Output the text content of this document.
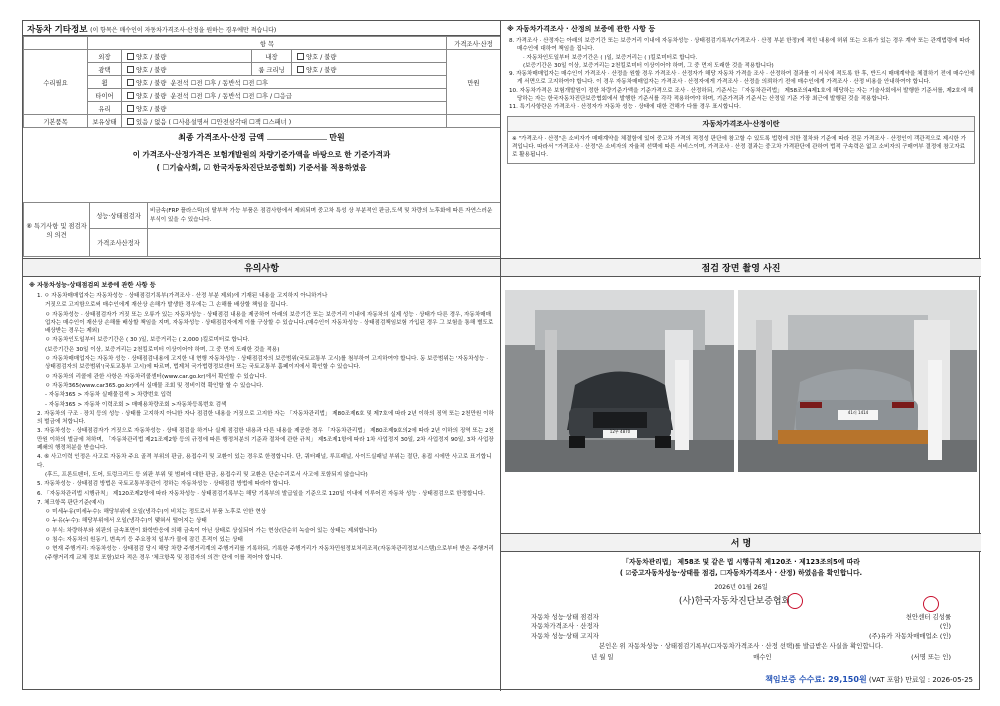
자동차 기타정보 (이 항목은 매수인이 자동차가격조사·산정을 원하는 경우에만 적습니다)
	항 목				가격조사·산정
수리필요	외장	양호 / 불량	내장	양호 / 불량	만원
	광택	양호 / 불량	룸 크리닝	양호 / 불량	
	휠	양호 / 불량 운전석 ☐전 ☐후 / 동반석 ☐전 ☐후			
	타이어	양호 / 불량 운전석 ☐전 ☐후 / 동반석 ☐전 ☐후 / ☐응급			
	유리	양호 / 불량			
기본품목	보유상태	있음 / 없음 ( ☐사용설명서 ☐안전삼각대 ☐잭 ☐스패너 )			
최종 가격조사·산정 금액	만원
이 가격조사·산정가격은 보험개발원의 차량기준가액을 바탕으로 한 기준가격과
( ☐기술사회, ☑ 한국자동차진단보증협회) 기준서를 적용하였음
⑧ 특기사항 및 점검자의 의견	성능·상태점검자	비금속(FRP 플라스틱)의 탈부착 가능 부품은 점검사항에서 제외되며 중고차 특성 상 부분적인 판금,도색 및 차량의 노후화에 따른 자연스러운 부식이 있을 수 있습니다.
	가격조사산정자	
※ 자동차가격조사 · 산정의 보증에 관한 사항 등
8. 가격조사 · 산정자는 아래의 보증기간 또는 보증거리 이내에 자동차성능 · 상태점검기록부(가격조사 · 산정 부분 한정)에 적힌 내용에 허위 또는 오류가 있는 경우 계약 또는 관계법령에 따라 매수인에 대하여 책임을 집니다.
· 자동차인도일부터 보증기간은 ( )일, 보증거리는 ( )킬로미터로 합니다.
(보증기간은 30일 이상, 보증거리는 2천킬로미터 이상이어야 하며, 그 중 먼저 도래한 것을 적용합니다)
9. 자동차매매업자는 매수인이 가격조사 · 산정을 원할 경우 가격조사 · 산정자가 해당 자동차 가격을 조사 · 산정하여 결과를 이 서식에 적도록 한 후, 반드시 매매계약을 체결하기 전에 매수인에게 서면으로 고지하여야 합니다. 이 경우 자동차매매업자는 가격조사 · 산정자에게 가격조사 · 산정을 의뢰하기 전에 매수인에게 가격조사 · 산정 비용을 안내하여야 합니다.
10. 자동차가격은 보험개발원이 정한 차량기준가액을 기준가격으로 조사 · 산정하되, 기준서는 「자동차관리법」 제58조의4제1호에 해당하는 자는 기술사회에서 발행한 기준서를, 제2호에 해당하는 자는 한국자동차진단보증협회에서 발행한 기준서를 각각 적용하여야 하며, 기준가격과 기준서는 산정일 기준 가장 최근에 발행된 것을 적용합니다.
11. 특기사항란은 가격조사 · 산정자가 자동차 성능 · 상태에 대한 견해가 다를 경우 표시합니다.
자동차가격조사·산정이란
※ "가격조사 · 산정"은 소비자가 매매계약을 체결함에 있어 중고차 가격의 적정성 판단에 참고할 수 있도록 법령에 의한 절차와 기준에 따라 전문 가격조사 · 산정인이 객관적으로 제시한 가격입니다. 따라서 "가격조사 · 산정"은 소비자의 자율적 선택에 따른 서비스이며, 가격조사 · 산정 결과는 중고차 가격판단에 관하여 법적 구속력은 없고 소비자의 구매여부 결정에 참고자료로 활용됩니다.
유의사항
※ 자동차성능·상태점검의 보증에 관한 사항 등
1. ㅇ 자동차매매업자는 자동차성능 · 상태점검기록부(가격조사 · 산정 부분 제외)에 기재된 내용을 고지하지 아니하거나
거짓으로 고지함으로써 매수인에게 재산상 손해가 발생한 경우에는 그 손해를 배상할 책임을 집니다.
ㅇ 자동차성능 · 상태점검자가 거짓 또는 오류가 있는 자동차성능 · 상태점검 내용을 제공하여 아래의 보증기간 또는 보증거리 이내에 자동차의 실제 성능 · 상태가 다른 경우, 자동차매매업자는 매수인이 재산상 손해를 배상할 책임을 지며, 자동차성능 · 상태점검자에게 이를 구상할 수 있습니다.(매수인이 자동차성능 · 상태점검책임보험 가입된 경우 그 보험을 통해 별도로 배상받는 경우는 제외)
ㅇ 자동차인도일부터 보증기간은 ( 30 )일, 보증거리는 ( 2,000 )킬로미터로 합니다.
(보증기간은 30일 이상, 보증거리는 2천킬로미터 이상이어야 하며, 그 중 먼저 도래한 것을 적용)
ㅇ 자동차매매업자는 자동차 성능 · 상태점검내용에 고지한 내 현행 자동차성능 · 상태점검자의 보증범위(국토교통부 고시)를 첨부하여 고지하여야 합니다. 동 보증범위는 '자동차성능 · 상태점검자의 보증범위'(국토교통부 고시)에 따르며, 법제처 국가법령정보센터 또는 국토교통부 홈페이지에서 확인할 수 있습니다.
ㅇ 자동차의 리콜에 관한 사항은 자동차리콜센터(www.car.go.kr)에서 확인할 수 있습니다.
ㅇ 자동차365(www.car365.go.kr)에서 실매물 조회 및 정비이력 확인할 할 수 있습니다.
- 자동차365 > 자동차 실매물검색 > 차량번호 입력
- 자동차365 > 자동차 이력조회 > 매매용차량조회 >자동차등록번호 검색
2. 자동차의 구조 · 장치 등의 성능 · 상태를 고지하지 아니한 자나 점검한 내용을 거짓으로 고지한 자는 「자동차관리법」 제80조제6호 및 제7호에 따라 2년 이하의 징역 또는 2천만원 이하의 벌금에 처합니다.
3. 자동차성능 · 상태점검자가 거짓으로 자동차성능 · 상태 점검을 하거나 실제 점검한 내용과 다른 내용을 제공한 경우 「자동차관리법」 제80조제9호의2에 따라 2년 이하의 징역 또는 2천만원 이하의 벌금에 처하며, 「자동차관리법 제21조제2항 등의 규정에 따른 행정처분의 기준과 절차에 관한 규칙」 제5조제1항에 따라 1차 사업정지 30일, 2차 사업정지 90일, 3차 사업장 폐쇄의 행정처분을 받습니다.
4. ⑥ 사고이력 인정은 사고로 자동차 주요 골격 부위의 판금, 용접수리 및 교환이 있는 경우로 한정합니다. 단, 쿼터패널, 루프패널, 사이드실패널 부위는 절단, 용접 시에만 사고로 표기합니다.
(후드, 프론트펜더, 도어, 트렁크리드 등 외판 부위 및 범퍼에 대한 판금, 용접수리 및 교환은 단순수리로서 사고에 포함되지 않습니다)
5. 자동차성능 · 상태점검 방법은 국토교통부장관이 정하는 자동차성능 · 상태점검 방법에 따라야 합니다.
6. 「자동차관리법 시행규칙」 제120조제2항에 따라 자동차성능 · 상태점검기록부는 해당 기록부의 발급일을 기준으로 120일 이내에 이루어진 자동차 성능 · 상태점검으로 한정합니다.
7. 체크항목 판단기준(예시)
ㅇ 미세누유(미세누수): 해당부위에 오일(냉각수)이 비치는 정도로서 부품 노후로 인한 현상
ㅇ 누유(누수): 해당부위에서 오일(냉각수)이 맺혀서 떨어지는 상태
ㅇ 부식: 차량하부와 외판의 금속표면이 화학반응에 의해 금속이 아닌 상태로 상실되어 가는 현상(단순히 녹슬어 있는 상태는 제외합니다)
ㅇ 침수: 자동차의 원동기, 변속기 등 주요장치 일부가 물에 잠긴 흔적이 있는 상태
ㅇ 현재 주행거리: 자동차성능 · 상태점검 당시 해당 차량 주행거리계의 주행거리를 기록하되, 기록한 주행거리가 자동차민원정보처리조직(자동차관리정보시스템)으로부터 받은 주행거리(주행거리계 교체 정보 포함)보다 적은 경우 '체크항목 및 점검자의 의견' 란에 이를 적어야 합니다.
점검 장면 촬영 사진
12부 4870
41러 1414
서 명
「자동차관리법」 제58조 및 같은 법 시행규칙 제120조 · 제123조의5에 따라
( ☑중고자동차성능·상태를 점검, ☐자동차가격조사 · 산정) 하였음을 확인합니다.
2026년 01월 26일
(사)한국자동차진단보증협회
자동차 성능·상태 점검자	천안센터 김성률
자동차가격조사 · 산정자	(인)
자동차 성능·상태 고지자	(주)유카 자동차매매업소 (인)
본인은 위 자동차성능 · 상태점검기록부(☐자동차가격조사 · 산정 선택)를 발급받은 사실을 확인합니다.
년 월 일	매수인	(서명 또는 인)
책임보증 수수료: 29,150원 (VAT 포함) 만료일 : 2026-05-25
